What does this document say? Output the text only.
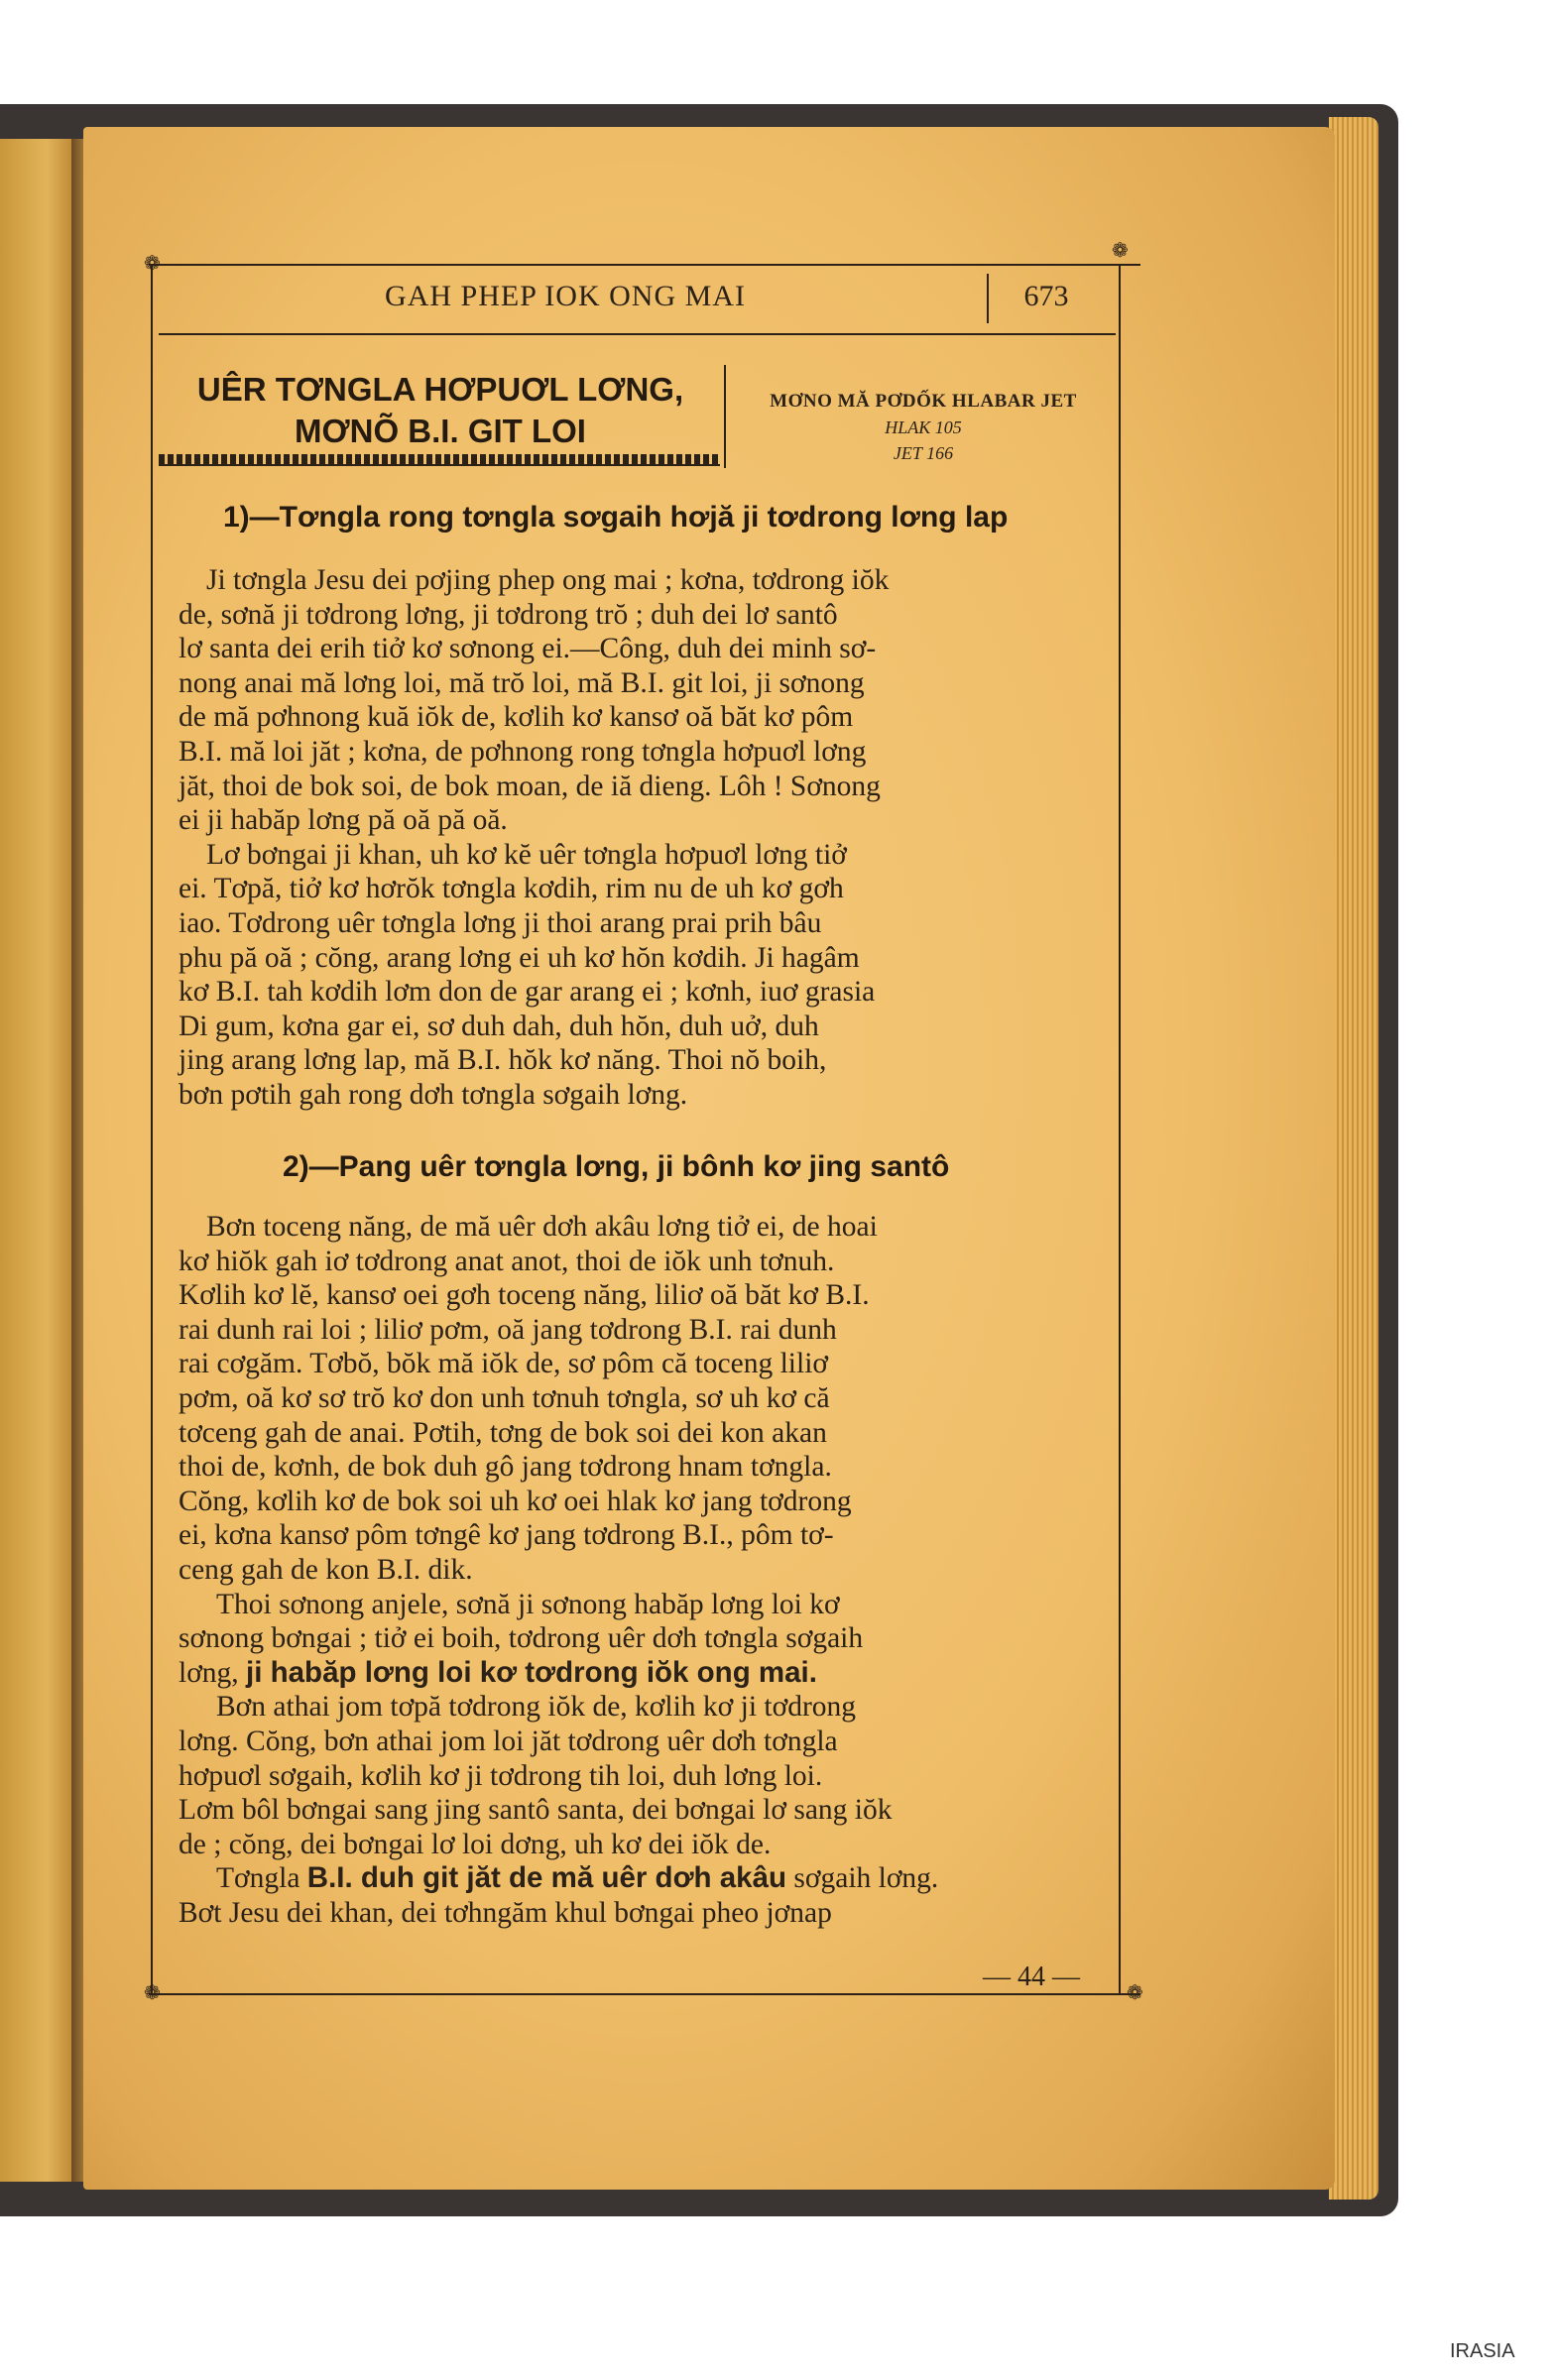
❁
❁
❁	❁
GAH PHEP IOK ONG MAI	673
UÊR TƠNGLA HƠPUƠL LƠNG,
MƠNÕ B.I. GIT LOI
MƠNO MĂ PƠDỐK HLABAR JET
HLAK 105
JET 166
1)—Tơngla rong tơngla sơgaih hơjă ji tơdrong lơng lap
Ji tơngla Jesu dei pơjing phep ong mai ; kơna, tơdrong iŏk
de, sơnă ji tơdrong lơng, ji tơdrong trŏ ; duh dei lơ santô
lơ santa dei erih tiở kơ sơnong ei.—Công, duh dei minh sơ-
nong anai mă lơng loi, mă trŏ loi, mă B.I. git loi, ji sơnong
de mă pơhnong kuă iŏk de, kơlih kơ kansơ oă băt kơ pôm
B.I. mă loi jăt ; kơna, de pơhnong rong tơngla hơpuơl lơng
jăt, thoi de bok soi, de bok moan, de iă dieng. Lôh ! Sơnong
ei ji habăp lơng pă oă pă oă.
Lơ bơngai ji khan, uh kơ kĕ uêr tơngla hơpuơl lơng tiở
ei. Tơpă, tiở kơ hơrŏk tơngla kơdih, rim nu de uh kơ gơh
iao. Tơdrong uêr tơngla lơng ji thoi arang prai prih bâu
phu pă oă ; cŏng, arang lơng ei uh kơ hŏn kơdih. Ji hagâm
kơ B.I. tah kơdih lơm don de gar arang ei ; kơnh, iuơ grasia
Di gum, kơna gar ei, sơ duh dah, duh hŏn, duh uở, duh
jing arang lơng lap, mă B.I. hŏk kơ năng. Thoi nŏ boih,
bơn pơtih gah rong dơh tơngla sơgaih lơng.
2)—Pang uêr tơngla lơng, ji bônh kơ jing santô
Bơn toceng năng, de mă uêr dơh akâu lơng tiở ei, de hoai
kơ hiŏk gah iơ tơdrong anat anot, thoi de iŏk unh tơnuh.
Kơlih kơ lĕ, kansơ oei gơh toceng năng, liliơ oă băt kơ B.I.
rai dunh rai loi ; liliơ pơm, oă jang tơdrong B.I. rai dunh
rai cơgăm. Tơbŏ, bŏk mă iŏk de, sơ pôm că toceng liliơ
pơm, oă kơ sơ trŏ kơ don unh tơnuh tơngla, sơ uh kơ că
tơceng gah de anai. Pơtih, tơng de bok soi dei kon akan
thoi de, kơnh, de bok duh gô jang tơdrong hnam tơngla.
Cŏng, kơlih kơ de bok soi uh kơ oei hlak kơ jang tơdrong
ei, kơna kansơ pôm tơngê kơ jang tơdrong B.I., pôm tơ-
ceng gah de kon B.I. dik.
Thoi sơnong anjele, sơnă ji sơnong habăp lơng loi kơ
sơnong bơngai ; tiở ei boih, tơdrong uêr dơh tơngla sơgaih
lơng, ji habăp lơng loi kơ tơdrong iŏk ong mai.
Bơn athai jom tơpă tơdrong iŏk de, kơlih kơ ji tơdrong
lơng. Cŏng, bơn athai jom loi jăt tơdrong uêr dơh tơngla
hơpuơl sơgaih, kơlih kơ ji tơdrong tih loi, duh lơng loi.
Lơm bôl bơngai sang jing santô santa, dei bơngai lơ sang iŏk
de ; cŏng, dei bơngai lơ loi dơng, uh kơ dei iŏk de.
Tơngla B.I. duh git jăt de mă uêr dơh akâu sơgaih lơng.
Bơt Jesu dei khan, dei tơhngăm khul bơngai pheo jơnap
— 44 —
IRASIA
